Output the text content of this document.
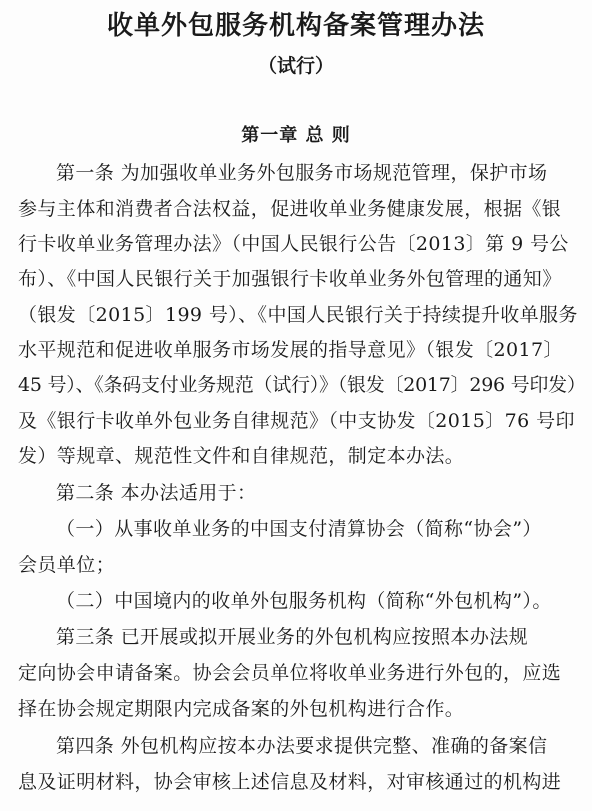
收单外包服务机构备案管理办法
（试行）
第一章 总 则
第一条 为加强收单业务外包服务市场规范管理，保护市场
参与主体和消费者合法权益，促进收单业务健康发展，根据《银
行卡收单业务管理办法》（中国人民银行公告〔2013〕第 9 号公
布）、《中国人民银行关于加强银行卡收单业务外包管理的通知》
（银发〔2015〕199 号）、《中国人民银行关于持续提升收单服务
水平规范和促进收单服务市场发展的指导意见》（银发〔2017〕
45 号）、《条码支付业务规范（试行）》（银发〔2017〕296 号印发）
及《银行卡收单外包业务自律规范》（中支协发〔2015〕76 号印
发）等规章、规范性文件和自律规范，制定本办法。
第二条 本办法适用于：
（一）从事收单业务的中国支付清算协会（简称“协会”）
会员单位；
（二）中国境内的收单外包服务机构（简称“外包机构”）。
第三条 已开展或拟开展业务的外包机构应按照本办法规
定向协会申请备案。协会会员单位将收单业务进行外包的，应选
择在协会规定期限内完成备案的外包机构进行合作。
第四条 外包机构应按本办法要求提供完整、准确的备案信
息及证明材料，协会审核上述信息及材料，对审核通过的机构进
